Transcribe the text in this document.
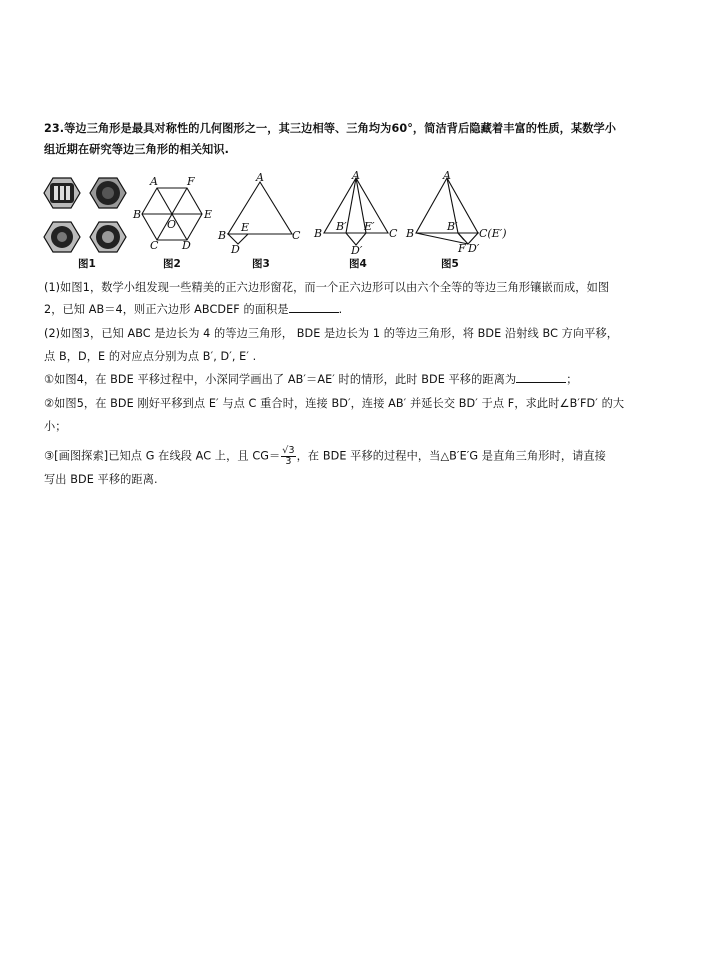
23.等边三角形是最具对称性的几何图形之一，其三边相等、三角均为60°，简洁背后隐藏着丰富的性质，某数学小
组近期在研究等边三角形的相关知识.
图1
A	F
B	E
O
C D
图2
A
B
E
C
D
图3
A
B
B′ E′
C
D′
图4
A
B
B′
C(E′)
F D′
图5
(1)如图1，数学小组发现一些精美的正六边形窗花，而一个正六边形可以由六个全等的等边三角形镶嵌而成，如图
2，已知 AB＝4，则正六边形 ABCDEF 的面积是	.
(2)如图3，已知 ABC 是边长为 4 的等边三角形， BDE 是边长为 1 的等边三角形，将 BDE 沿射线 BC 方向平移，
点 B，D，E 的对应点分别为点 B′, D′, E′ .
①如图4，在 BDE 平移过程中，小深同学画出了 AB′＝AE′ 时的情形，此时 BDE 平移的距离为	；
②如图5，在 BDE 刚好平移到点 E′ 与点 C 重合时，连接 BD′，连接 AB′ 并延长交 BD′ 于点 F，求此时∠B′FD′ 的大
小；
③[画图探索]已知点 G 在线段 AC 上，且 $CG= \frac{√3}{3}$ ，在 BDE 平移的过程中，当△B′E′G 是直角三角形时，请直接
写出 BDE 平移的距离.
